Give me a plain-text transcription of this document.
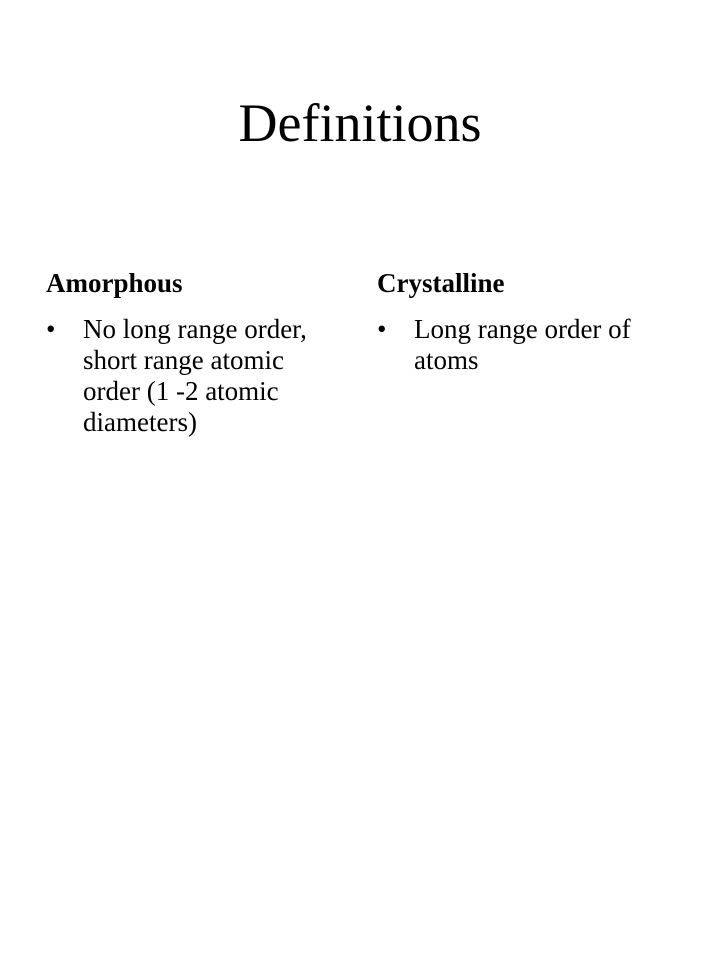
Definitions
Amorphous
• No long range order, short range atomic order (1 -2 atomic diameters)
Crystalline
• Long range order of atoms
